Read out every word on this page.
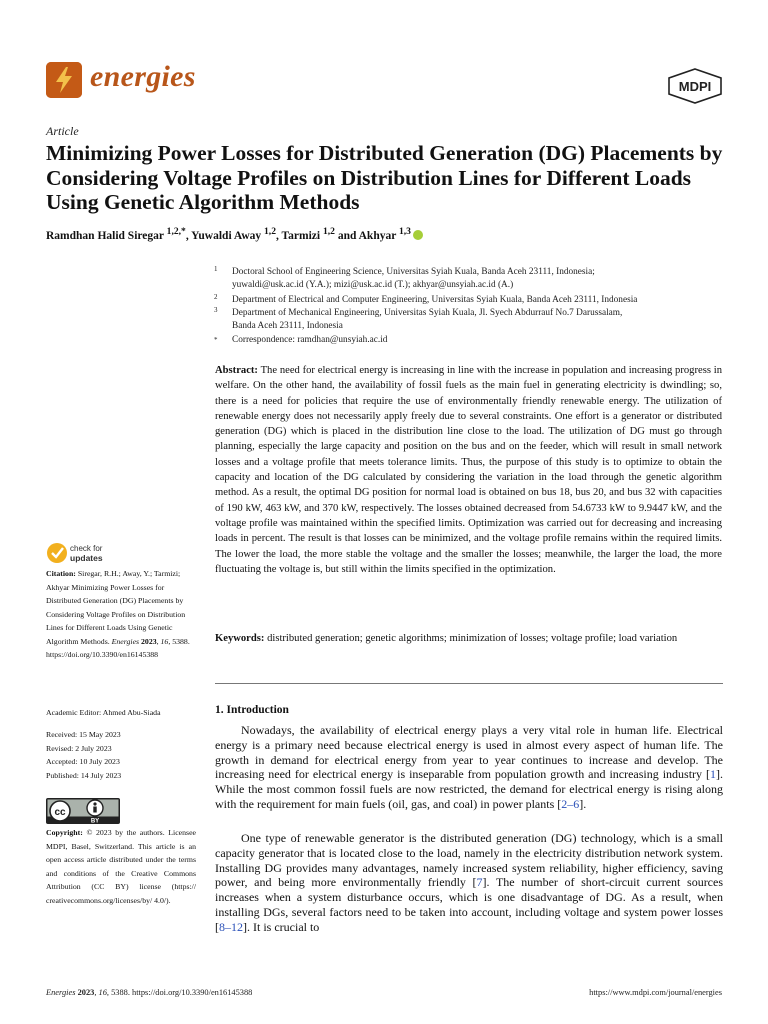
energies	MDPI
Article
Minimizing Power Losses for Distributed Generation (DG) Placements by Considering Voltage Profiles on Distribution Lines for Different Loads Using Genetic Algorithm Methods
Ramdhan Halid Siregar $^{1,2,*}$, Yuwaldi Away $^{1,2}$, Tarmizi $^{1,2}$ and Akhyar $^{1,3}$
1 Doctoral School of Engineering Science, Universitas Syiah Kuala, Banda Aceh 23111, Indonesia;
yuwaldi@usk.ac.id (Y.A.); mizi@usk.ac.id (T.); akhyar@unsyiah.ac.id (A.)
2 Department of Electrical and Computer Engineering, Universitas Syiah Kuala, Banda Aceh 23111, Indonesia
3 Department of Mechanical Engineering, Universitas Syiah Kuala, Jl. Syech Abdurrauf No.7 Darussalam,
Banda Aceh 23111, Indonesia
* Correspondence: ramdhan@unsyiah.ac.id

Abstract: The need for electrical energy is increasing in line with the increase in population and increasing progress in welfare. On the other hand, the availability of fossil fuels as the main fuel in generating electricity is dwindling; so, there is a need for policies that require the use of environmentally friendly renewable energy. The utilization of renewable energy does not necessarily apply freely due to several constraints. One effort is a generator or distributed generation (DG) which is placed in the distribution line close to the load. The utilization of DG must go through planning, especially the large capacity and position on the bus and on the feeder, which will result in small network losses and a voltage profile that meets tolerance limits. Thus, the purpose of this study is to optimize to obtain the capacity and location of the DG calculated by considering the variation in the load through the genetic algorithm method. As a result, the optimal DG position for normal load is obtained on bus 18, bus 20, and bus 32 with capacities of 190 kW, 463 kW, and 370 kW, respectively. The losses obtained decreased from 54.6733 kW to 9.9447 kW, and the voltage profile was maintained within the specified limits. Optimization was carried out for decreasing and increasing loads in percent. The result is that losses can be minimized, and the voltage profile remains within the required limits. The lower the load, the more stable the voltage and the smaller the losses; meanwhile, the larger the load, the more fluctuating the voltage is, but still within the limits specified in the optimization.

Keywords: distributed generation; genetic algorithms; minimization of losses; voltage profile; load variation

check for
updates
Citation: Siregar, R.H.; Away, Y.; Tarmizi; Akhyar Minimizing Power Losses for Distributed Generation (DG) Placements by Considering Voltage Profiles on Distribution Lines for Different Loads Using Genetic Algorithm Methods. Energies 2023, 16, 5388. https://doi.org/10.3390/en16145388
Academic Editor: Ahmed Abu-Siada
Received: 15 May 2023
Revised: 2 July 2023
Accepted: 10 July 2023
Published: 14 July 2023
cc
BY
Copyright: © 2023 by the authors. Licensee MDPI, Basel, Switzerland. This article is an open access article distributed under the terms and conditions of the Creative Commons Attribution (CC BY) license (https:// creativecommons.org/licenses/by/ 4.0/).
1. Introduction

Nowadays, the availability of electrical energy plays a very vital role in human life. Electrical energy is a primary need because electrical energy is used in almost every aspect of human life. The growth in demand for electrical energy from year to year continues to increase and develop. The increasing need for electrical energy is inseparable from population growth and increasing industry [1]. While the most common fossil fuels are now restricted, the demand for electrical energy is rising along with the requirement for main fuels (oil, gas, and coal) in power plants [2–6].

One type of renewable generator is the distributed generation (DG) technology, which is a small capacity generator that is located close to the load, namely in the electricity distribution network system. Installing DG provides many advantages, namely increased system reliability, higher efficiency, saving power, and being more environmentally friendly [7]. The number of short-circuit current sources increases when a system disturbance occurs, which is one disadvantage of DG. As a result, when installing DGs, several factors need to be taken into account, including voltage and system power losses [8–12]. It is crucial to

Energies 2023, 16, 5388. https://doi.org/10.3390/en16145388	https://www.mdpi.com/journal/energies
